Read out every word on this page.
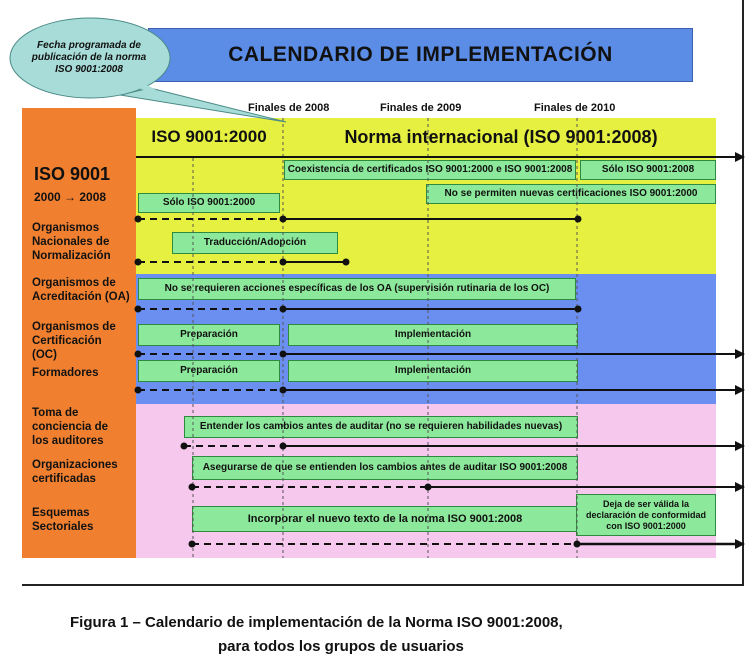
CALENDARIO DE IMPLEMENTACIÓN
Finales de 2008	Finales de 2009	Finales de 2010
ISO 9001:2000	Norma internacional (ISO 9001:2008)
ISO 9001
2000 → 2008
Organismos Nacionales de Normalización
Organismos de Acreditación (OA)
Organismos de Certificación (OC)
Formadores
Toma de conciencia de los auditores
Organizaciones certificadas
Esquemas Sectoriales
Coexistencia de certificados ISO 9001:2000 e ISO 9001:2008	Sólo ISO 9001:2008
No se permiten nuevas certificaciones ISO 9001:2000
Sólo ISO 9001:2000
Traducción/Adopción
No se requieren acciones específicas de los OA (supervisión rutinaria de los OC)
Preparación	Implementación
Preparación	Implementación
Entender los cambios antes de auditar (no se requieren habilidades nuevas)
Asegurarse de que se entienden los cambios antes de auditar ISO 9001:2008
Incorporar el nuevo texto de la norma ISO 9001:2008
Deja de ser válida la declaración de conformidad con ISO 9001:2000
Fecha programada de
publicación de la norma
ISO 9001:2008
Figura 1 – Calendario de implementación de la Norma ISO 9001:2008,
para todos los grupos de usuarios
